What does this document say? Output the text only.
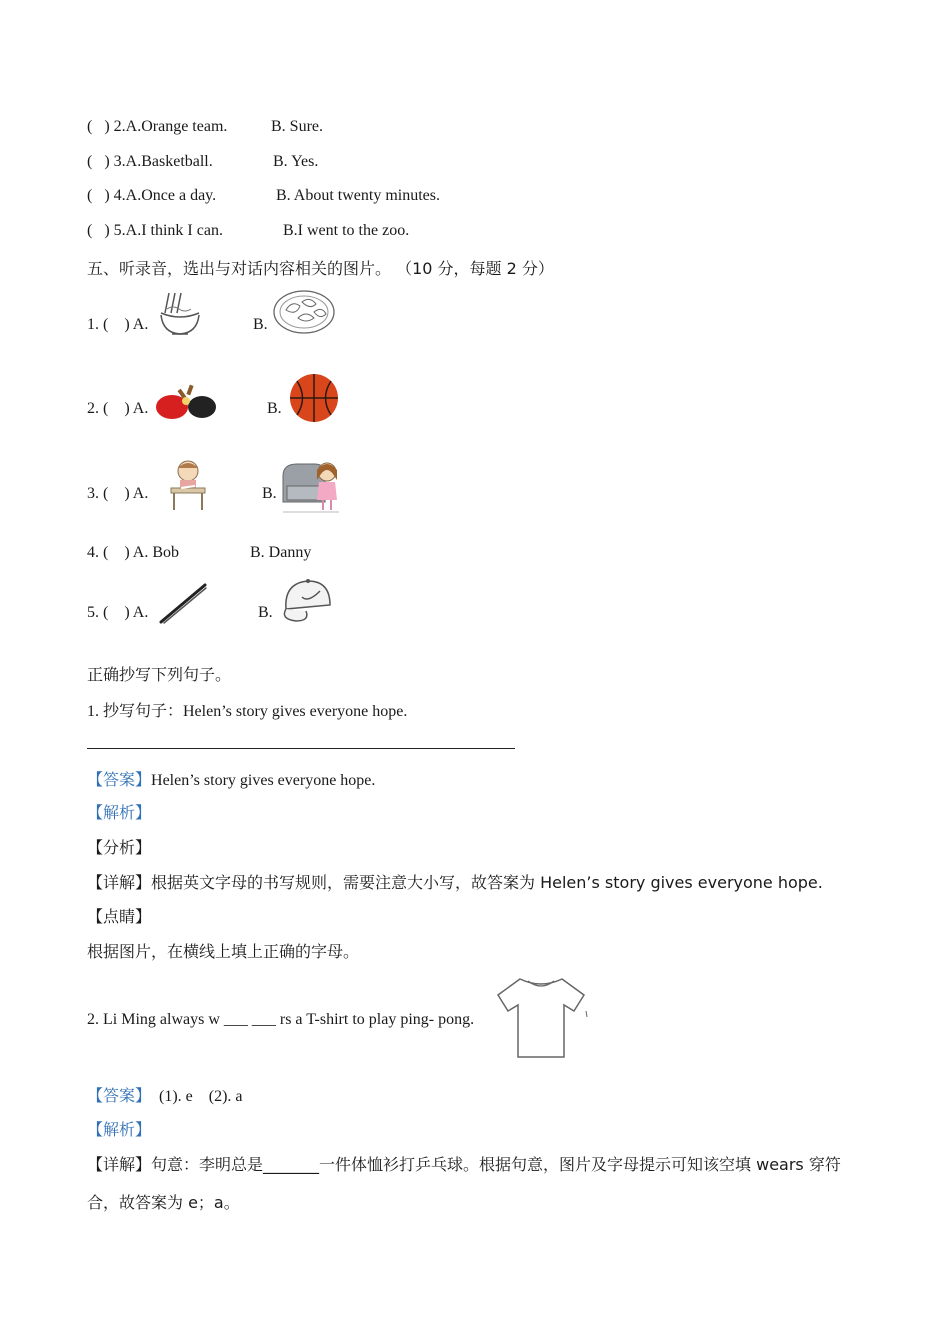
(   ) 2.A.Orange team.	B. Sure.
(   ) 3.A.Basketball.	B. Yes.
(   ) 4.A.Once a day.	B. About twenty minutes.
(   ) 5.A.I think I can.	B.I went to the zoo.
五、听录音，选出与对话内容相关的图片。 （10 分，每题 2 分）
1. (    ) A.	B.
2. (    ) A.	B.
3. (    ) A.	B.
4. (    ) A. Bob	B. Danny
5. (    ) A.	B.
正确抄写下列句子。
1. 抄写句子：Helen’s story gives everyone hope.
【答案】Helen’s story gives everyone hope.
【解析】
【分析】
【详解】根据英文字母的书写规则，需要注意大小写，故答案为 Helen’s story gives everyone hope.
【点睛】
根据图片，在横线上填上正确的字母。
2. Li Ming always w ___ ___ rs a T-shirt to play ping- pong.
【答案】  (1). e    (2). a
【解析】
【详解】句意：李明总是_______一件体恤衫打乒乓球。根据句意，图片及字母提示可知该空填 wears 穿符
合，故答案为 e；a。
